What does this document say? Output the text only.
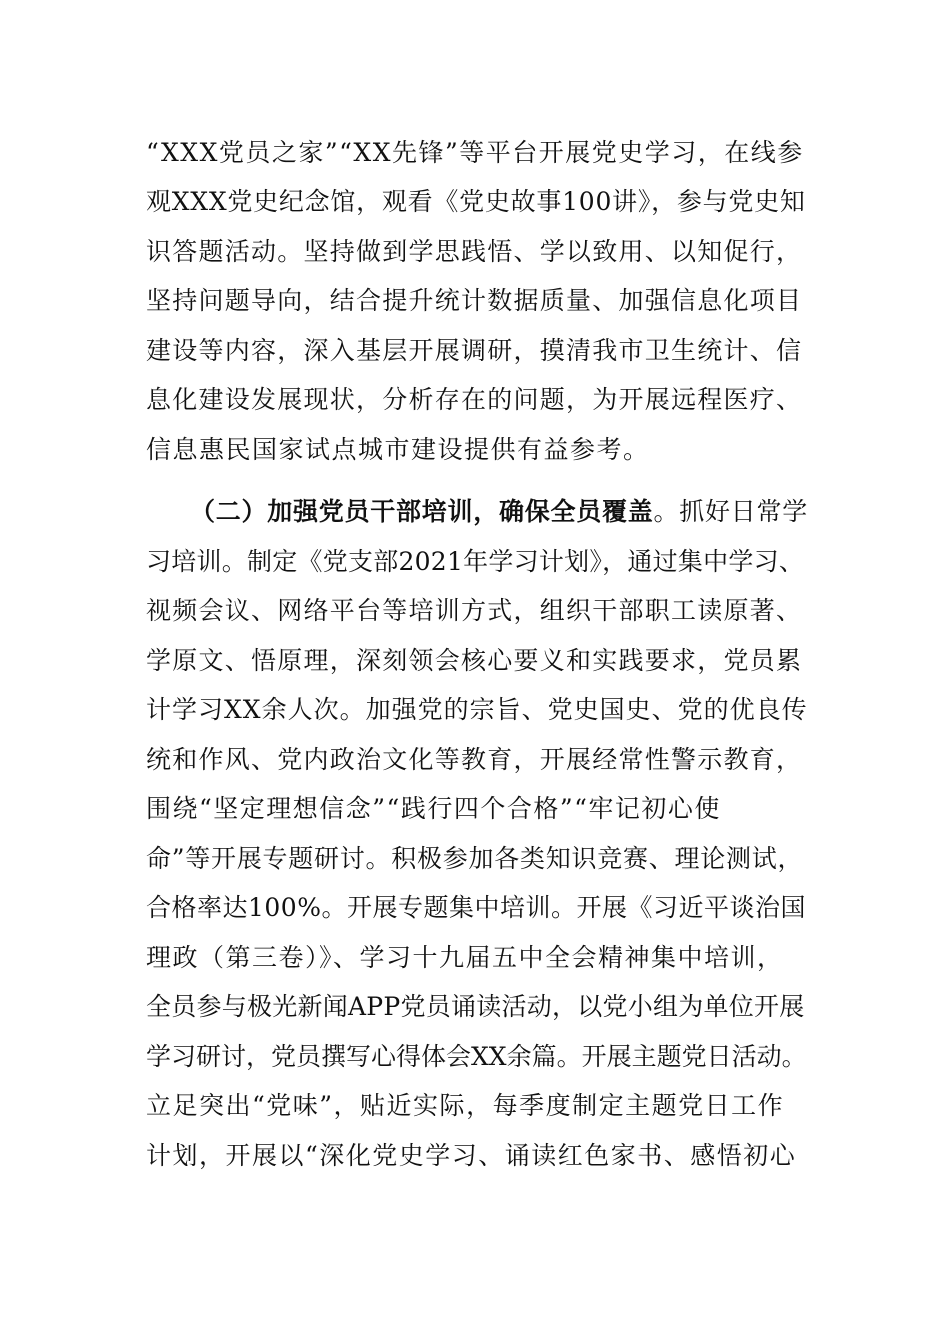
“XXX党员之家”“XX先锋”等平台开展党史学习，在线参
观XXX党史纪念馆，观看《党史故事100讲》，参与党史知
识答题活动。坚持做到学思践悟、学以致用、以知促行，
坚持问题导向，结合提升统计数据质量、加强信息化项目
建设等内容，深入基层开展调研，摸清我市卫生统计、信
息化建设发展现状，分析存在的问题，为开展远程医疗、
信息惠民国家试点城市建设提供有益参考。
（二）加强党员干部培训，确保全员覆盖。抓好日常学
习培训。制定《党支部2021年学习计划》，通过集中学习、
视频会议、网络平台等培训方式，组织干部职工读原著、
学原文、悟原理，深刻领会核心要义和实践要求，党员累
计学习XX余人次。加强党的宗旨、党史国史、党的优良传
统和作风、党内政治文化等教育，开展经常性警示教育，
围绕“坚定理想信念”“践行四个合格”“牢记初心使
命”等开展专题研讨。积极参加各类知识竞赛、理论测试，
合格率达100%。开展专题集中培训。开展《习近平谈治国
理政（第三卷）》、学习十九届五中全会精神集中培训，
全员参与极光新闻APP党员诵读活动，以党小组为单位开展
学习研讨，党员撰写心得体会XX余篇。开展主题党日活动。
立足突出“党味”，贴近实际，每季度制定主题党日工作
计划，开展以“深化党史学习、诵读红色家书、感悟初心
